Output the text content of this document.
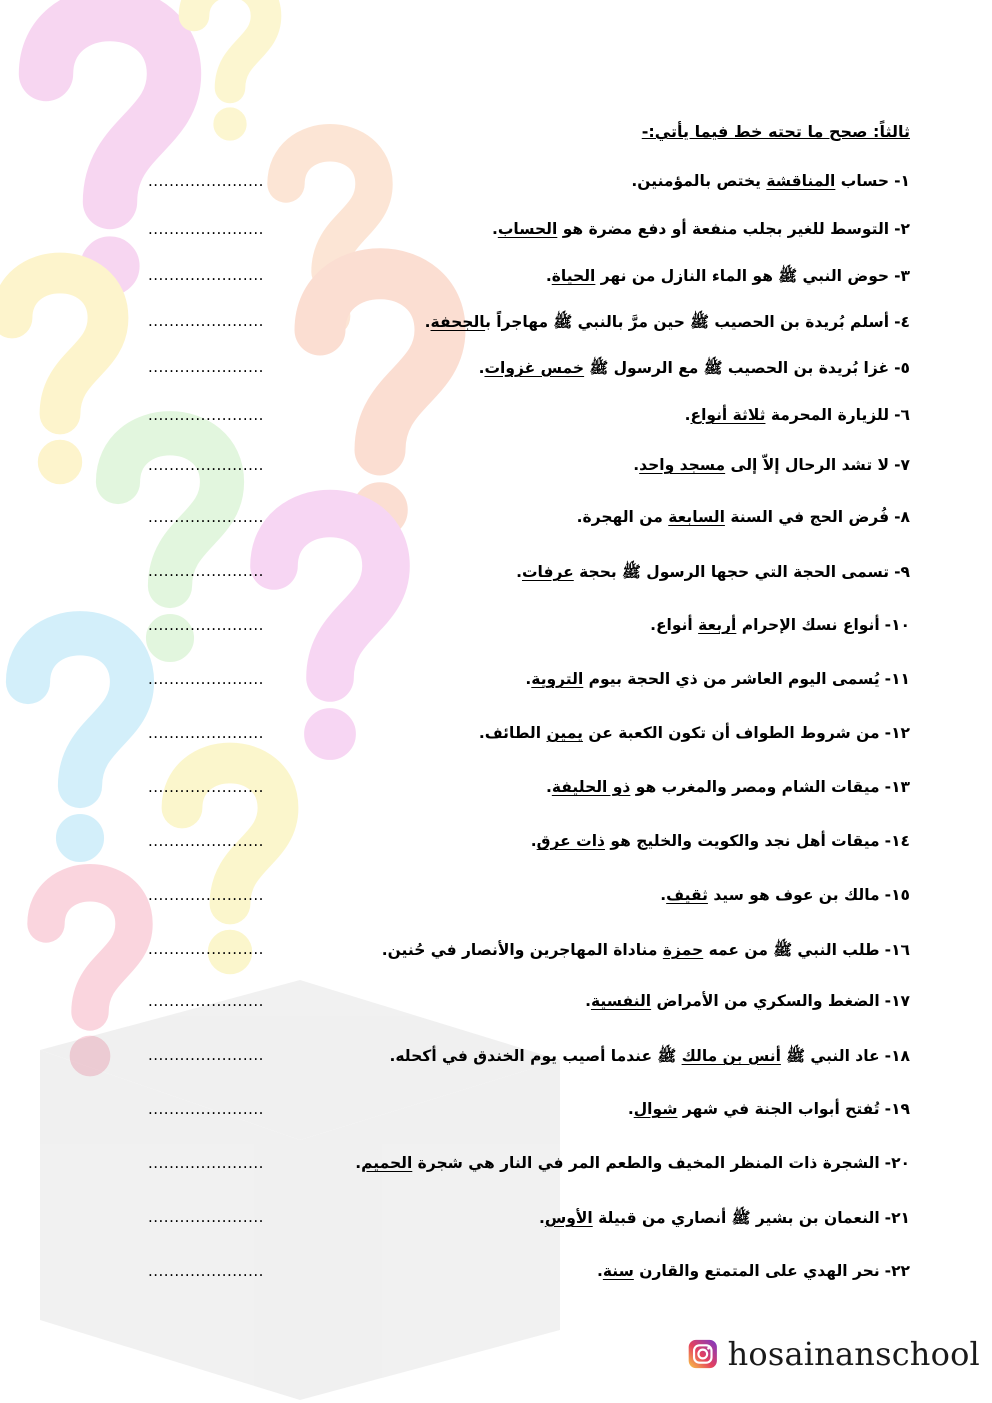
ثالثاً: صحح ما تحته خط فيما يأتي:-
١-حساب المناقشة يختص بالمؤمنين.
......................
٢-التوسط للغير بجلب منفعة أو دفع مضرة هو الحساب.
......................
٣-حوض النبي ﷺ هو الماء النازل من نهر الحياة.
......................
٤-أسلم بُريدة بن الحصيب ﷺ حين مرَّ بالنبي ﷺ مهاجراً بالجحفة.
......................
٥-غزا بُريدة بن الحصيب ﷺ مع الرسول ﷺ خمس غزوات.
......................
٦-للزيارة المحرمة ثلاثة أنواع.
......................
٧-لا تشد الرحال إلاّ إلى مسجد واحد.
......................
٨-فُرض الحج في السنة السابعة من الهجرة.
......................
٩-تسمى الحجة التي حجها الرسول ﷺ بحجة عرفات.
......................
١٠-أنواع نسك الإحرام أربعة أنواع.
......................
١١-يُسمى اليوم العاشر من ذي الحجة بيوم التروية.
......................
١٢-من شروط الطواف أن تكون الكعبة عن يمين الطائف.
......................
١٣-ميقات الشام ومصر والمغرب هو ذو الحليفة.
......................
١٤-ميقات أهل نجد والكويت والخليج هو ذات عرق.
......................
١٥-مالك بن عوف هو سيد ثقيف.
......................
١٦-طلب النبي ﷺ من عمه حمزة مناداة المهاجرين والأنصار في حُنين.
......................
١٧-الضغط والسكري من الأمراض النفسية.
......................
١٨-عاد النبي ﷺ أنس بن مالك ﷺ عندما أصيب يوم الخندق في أكحله.
......................
١٩-تُفتح أبواب الجنة في شهر شوال.
......................
٢٠-الشجرة ذات المنظر المخيف والطعم المر في النار هي شجرة الحميم.
......................
٢١-النعمان بن بشير ﷺ أنصاري من قبيلة الأوس.
......................
٢٢-نحر الهدي على المتمتع والقارن سنة.
......................
hosainanschool
